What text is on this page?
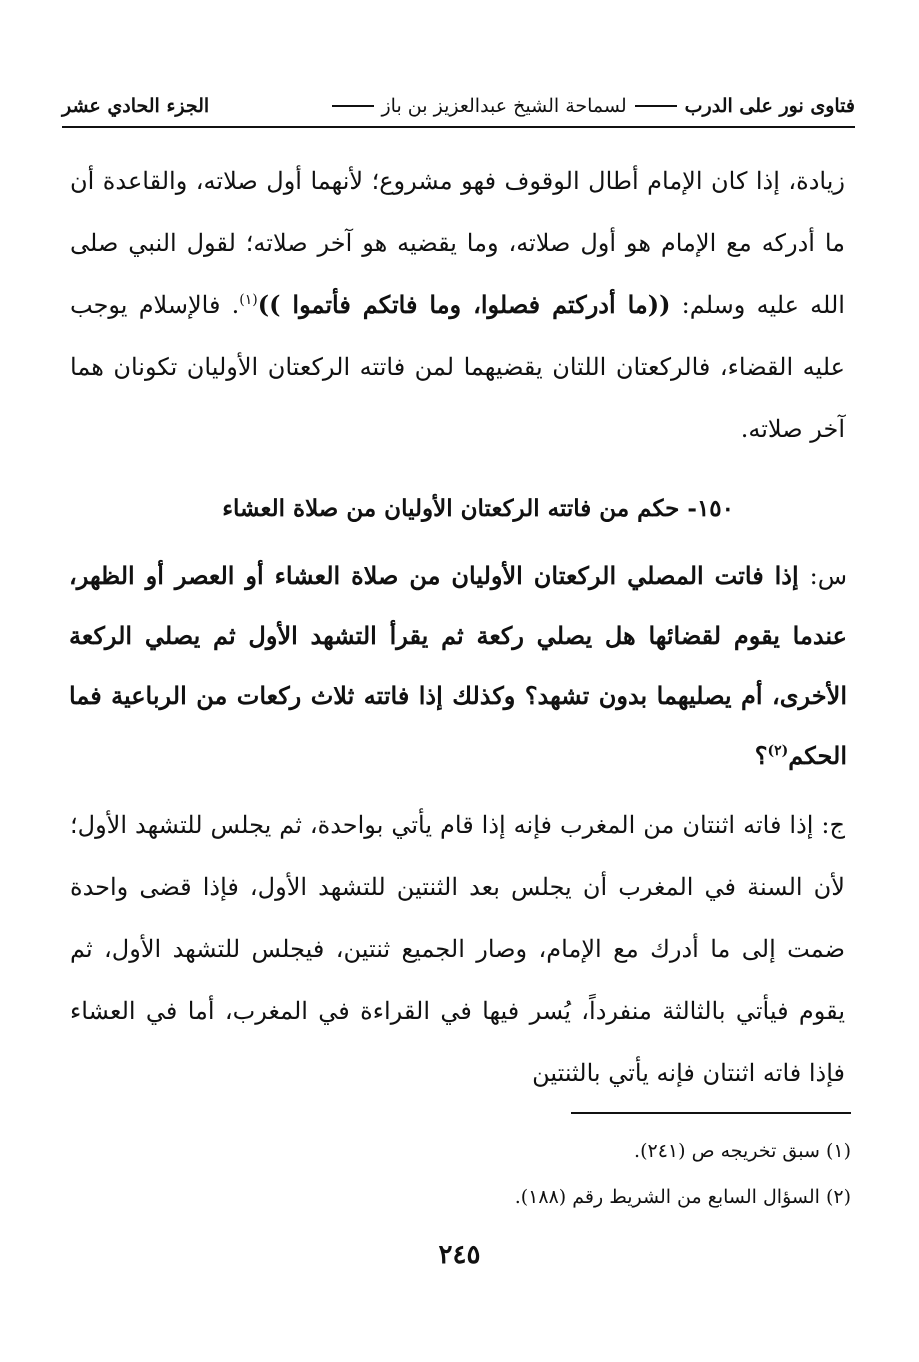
فتاوى نور على الدرب
لسماحة الشيخ عبدالعزيز بن باز
الجزء الحادي عشر

زيادة، إذا كان الإمام أطال الوقوف فهو مشروع؛ لأنهما أول صلاته، والقاعدة أن ما أدركه مع الإمام هو أول صلاته، وما يقضيه هو آخر صلاته؛ لقول النبي صلى الله عليه وسلم: ((ما أدركتم فصلوا، وما فاتكم فأتموا ))$^{(١)}$. فالإسلام يوجب عليه القضاء، فالركعتان اللتان يقضيهما لمن فاتته الركعتان الأوليان تكونان هما آخر صلاته.

١٥٠- حكم من فاتته الركعتان الأوليان من صلاة العشاء
س: إذا فاتت المصلي الركعتان الأوليان من صلاة العشاء أو العصر أو الظهر، عندما يقوم لقضائها هل يصلي ركعة ثم يقرأ التشهد الأول ثم يصلي الركعة الأخرى، أم يصليهما بدون تشهد؟ وكذلك إذا فاتته ثلاث ركعات من الرباعية فما الحكم$^{(٢)}$؟

ج: إذا فاته اثنتان من المغرب فإنه إذا قام يأتي بواحدة، ثم يجلس للتشهد الأول؛ لأن السنة في المغرب أن يجلس بعد الثنتين للتشهد الأول، فإذا قضى واحدة ضمت إلى ما أدرك مع الإمام، وصار الجميع ثنتين، فيجلس للتشهد الأول، ثم يقوم فيأتي بالثالثة منفرداً، يُسر فيها في القراءة في المغرب، أما في العشاء فإذا فاته اثنتان فإنه يأتي بالثنتين

(١) سبق تخريجه ص (٢٤١).

(٢) السؤال السابع من الشريط رقم (١٨٨).

٢٤٥
